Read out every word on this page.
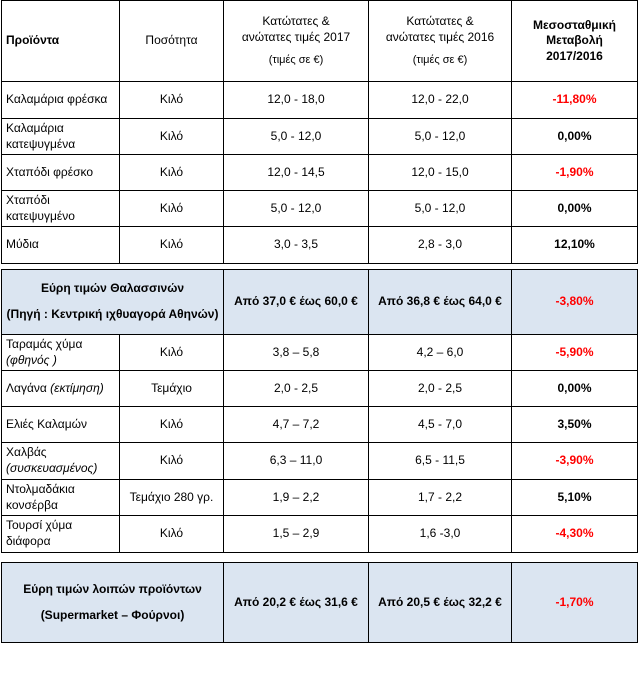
Προϊόντα	Ποσότητα	Κατώτατες &
ανώτατες τιμές 2017
(τιμές σε €)	Κατώτατες &
ανώτατες τιμές 2016
(τιμές σε €)	Μεσοσταθμική
Μεταβολή
2017/2016
Καλαμάρια φρέσκα	Κιλό	12,0 - 18,0	12,0 - 22,0	-11,80%
Καλαμάρια κατεψυγμένα	Κιλό	5,0 - 12,0	5,0 - 12,0	0,00%
Χταπόδι φρέσκο	Κιλό	12,0 - 14,5	12,0 - 15,0	-1,90%
Χταπόδι κατεψυγμένο	Κιλό	5,0 - 12,0	5,0 - 12,0	0,00%
Μύδια	Κιλό	3,0 - 3,5	2,8 - 3,0	12,10%

Εύρη τιμών Θαλασσινών
(Πηγή : Κεντρική ιχθυαγορά Αθηνών)		Από 37,0 € έως 60,0 €	Από 36,8 € έως 64,0 €	-3,80%
Ταραμάς χύμα (φθηνός )	Κιλό	3,8 – 5,8	4,2 – 6,0	-5,90%
Λαγάνα (εκτίμηση)	Τεμάχιο	2,0 - 2,5	2,0 - 2,5	0,00%
Ελιές Καλαμών	Κιλό	4,7 – 7,2	4,5 - 7,0	3,50%
Χαλβάς (συσκευασμένος)	Κιλό	6,3 – 11,0	6,5 - 11,5	-3,90%
Ντολμαδάκια κονσέρβα	Τεμάχιο 280 γρ.	1,9 – 2,2	1,7 - 2,2	5,10%
Τουρσί χύμα διάφορα	Κιλό	1,5 – 2,9	1,6 -3,0	-4,30%

Εύρη τιμών λοιπών προϊόντων
(Supermarket – Φούρνοι)		Από 20,2 € έως 31,6 €	Από 20,5 € έως 32,2 €	-1,70%
